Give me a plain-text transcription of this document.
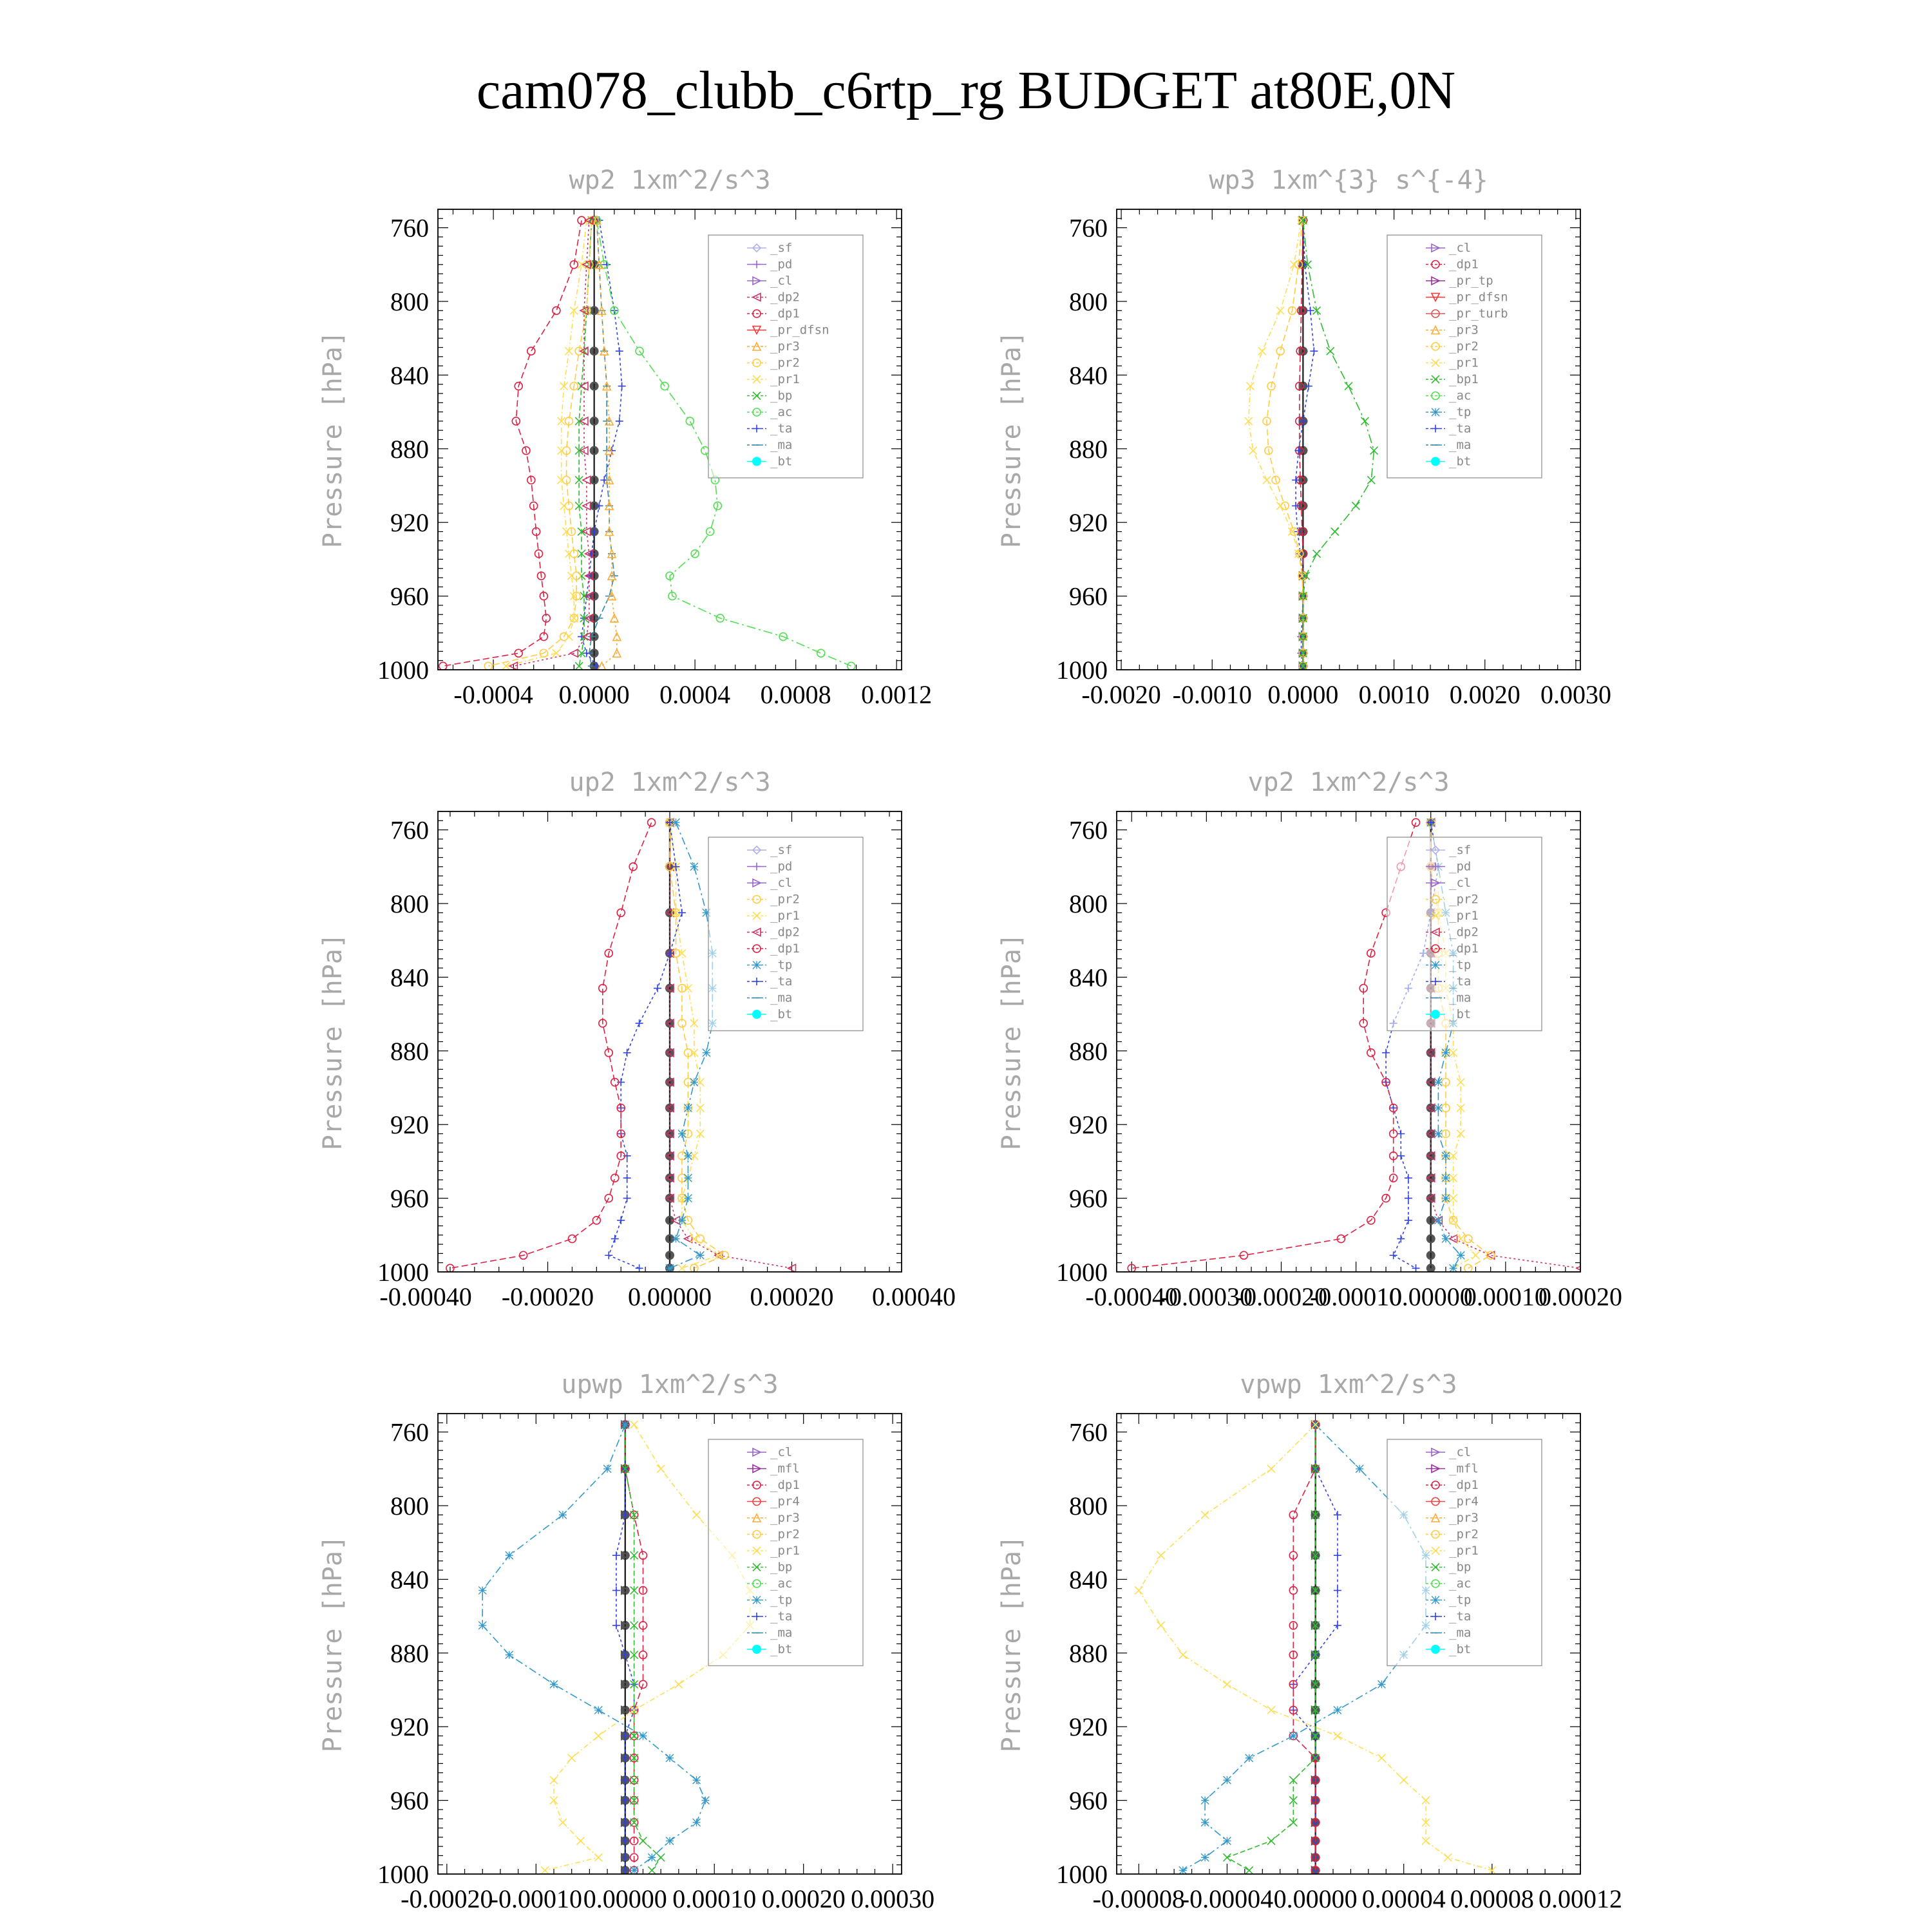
cam078_clubb_c6rtp_rg BUDGET at80E,0N
wp2 1xm^2/s^3
Pressure [hPa]
760
800
840
880
920
960
1000
-0.0004 0.0000 0.0004 0.0008 0.0012
_sf
_pd
_cl
_dp2
_dp1
_pr_dfsn
_pr3
_pr2
_pr1
_bp
_ac
_ta
_ma
_bt
wp3 1xm^{3} s^{-4}
Pressure [hPa]
760
800
840
880
920
960
1000
-0.0020 -0.0010 0.0000 0.0010 0.0020 0.0030
_cl
_dp1
_pr_tp
_pr_dfsn
_pr_turb
_pr3
_pr2
_pr1
_bp1
_ac
_tp
_ta
_ma
_bt
up2 1xm^2/s^3
Pressure [hPa]
760
800
840
880
920
960
1000
-0.00040 -0.00020 0.00000 0.00020 0.00040
_sf
_pd
_cl
_pr2
_pr1
_dp2
_dp1
_tp
_ta
_ma
_bt
vp2 1xm^2/s^3
Pressure [hPa]
760
800
840
880
920
960
1000
-0.00040
-0.00030
-0.00020
-0.00010
0.00000
0.00010
0.00020
_sf
_pd
_cl
_pr2
_pr1
_dp2
_dp1
_tp
_ta
_ma
_bt
upwp 1xm^2/s^3
Pressure [hPa]
760
800
840
880
920
960
1000
-0.00020
-0.00010 0.00000 0.00010 0.00020 0.00030
_cl
_mfl
_dp1
_pr4
_pr3
_pr2
_pr1
_bp
_ac
_tp
_ta
_ma
_bt
vpwp 1xm^2/s^3
Pressure [hPa]
760
800
840
880
920
960
1000
-0.00008
-0.00004 0.00000 0.00004 0.00008 0.00012
_cl
_mfl
_dp1
_pr4
_pr3
_pr2
_pr1
_bp
_ac
_tp
_ta
_ma
_bt
